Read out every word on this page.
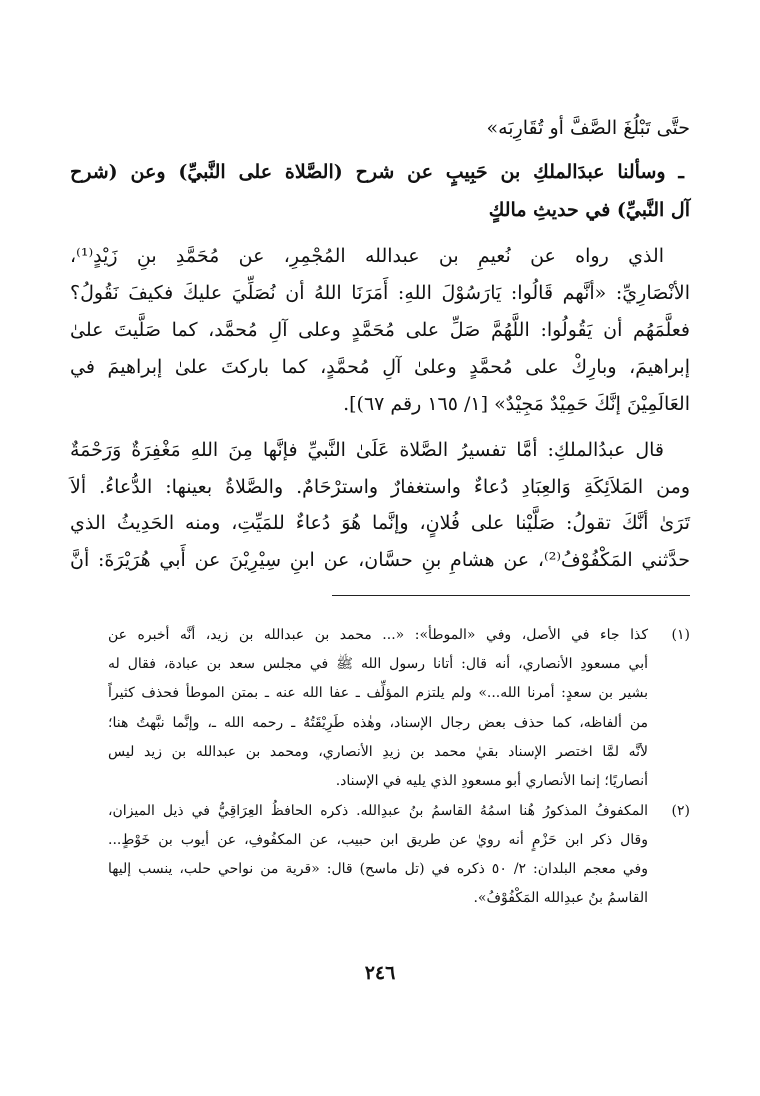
حتَّى تَبْلُغَ الصَّفَّ أو تُقَارِبَه»
ـ وسألنا عبدَالملكِ بن حَبِيبٍ عن شرح (الصَّلاة على النَّبيِّ) وعن (شرح
آل النَّبيِّ) في حديثِ مالكٍ
الذي رواه عن نُعيمِ بن عبدالله المُجْمِرِ، عن مُحَمَّدِ بنِ زَيْدٍ⁽¹⁾،
الأنْصَارِيِّ: «أنَّهم قَالُوا: يَارَسُوْلَ اللهِ: أَمَرَنَا اللهُ أن نُصَلِّيَ عليكَ فكيفَ نَقُولُ؟
فعلَّمَهُم أن يَقُولُوا: اللَّهُمَّ صَلِّ على مُحَمَّدٍ وعلى آلِ مُحمَّد، كما صَلَّيتَ علىٰ
إبراهيمَ، وبارِكْ على مُحمَّدٍ وعلىٰ آلِ مُحمَّدٍ، كما باركتَ علىٰ إبراهيمَ في
العَالَمِيْنَ إنَّكَ حَمِيْدٌ مَجِيْدٌ» [١/ ١٦٥ رقم ٦٧)].
قال عبدُالملكِ: أمَّا تفسيرُ الصَّلاة عَلَىٰ النَّبيِّ فإنَّها مِنَ اللهِ مَغْفِرَةٌ وَرَحْمَةٌ
ومن المَلاَئِكَةِ وَالعِبَادِ دُعاءٌ واستغفارٌ واسترْحَامٌ. والصَّلاةُ بعينها: الدُّعاءُ. ألاَ
تَرَىٰ أنَّكَ تقولُ: صَلَّيْنا على فُلانٍ، وإنَّما هُوَ دُعاءٌ للمَيِّتِ، ومنه الحَدِيثُ الذي
حدَّثني المَكْفُوْفُ⁽²⁾، عن هشامِ بنِ حسَّان، عن ابنِ سِيْرِيْنَ عن أَبي هُرَيْرَةَ: أنَّ
(١)
كذا جاء في الأصل، وفي «الموطأ»: «... محمد بن عبدالله بن زيد، أنَّه أخبره عن
أبي مسعودِ الأنصاري، أنه قال: أتانا رسول الله ﷺ في مجلس سعد بن عبادة، فقال له
بشير بن سعدٍ: أمرنا الله...» ولم يلتزم المؤلِّف ـ عفا الله عنه ـ بمتن الموطأ فحذف كثيراً
من ألفاظه، كما حذف بعض رجال الإسناد، وهٰذه طَرِيْقَتُهُ ـ رحمه الله ـ، وإنَّما نبَّهتُ هنا؛
لأنَّه لمَّا اختصر الإسناد بقيٰ محمد بن زيدِ الأنصاري، ومحمد بن عبدالله بن زيد ليس
أنصاريًا؛ إنما الأنصاري أبو مسعودِ الذي يليه في الإسناد.
(٢)
المكفوفُ المذكورُ هُنا اسمُهُ القاسمُ بنُ عبدِالله. ذكره الحافظُ العِرَاقِيُّ في ذيل الميزان،
وقال ذكر ابن حَزْمٍ أنه رويٰ عن طريق ابن حبيب، عن المكفُوفِ، عن أيوب بن خَوْطٍ...
وفي معجم البلدان: ٢/ ٥٠ ذكره في (تل ماسح) قال: «قرية من نواحي حلب، ينسب إليها
القاسمُ بنُ عبدِالله المَكْفُوْفُ».
٢٤٦
